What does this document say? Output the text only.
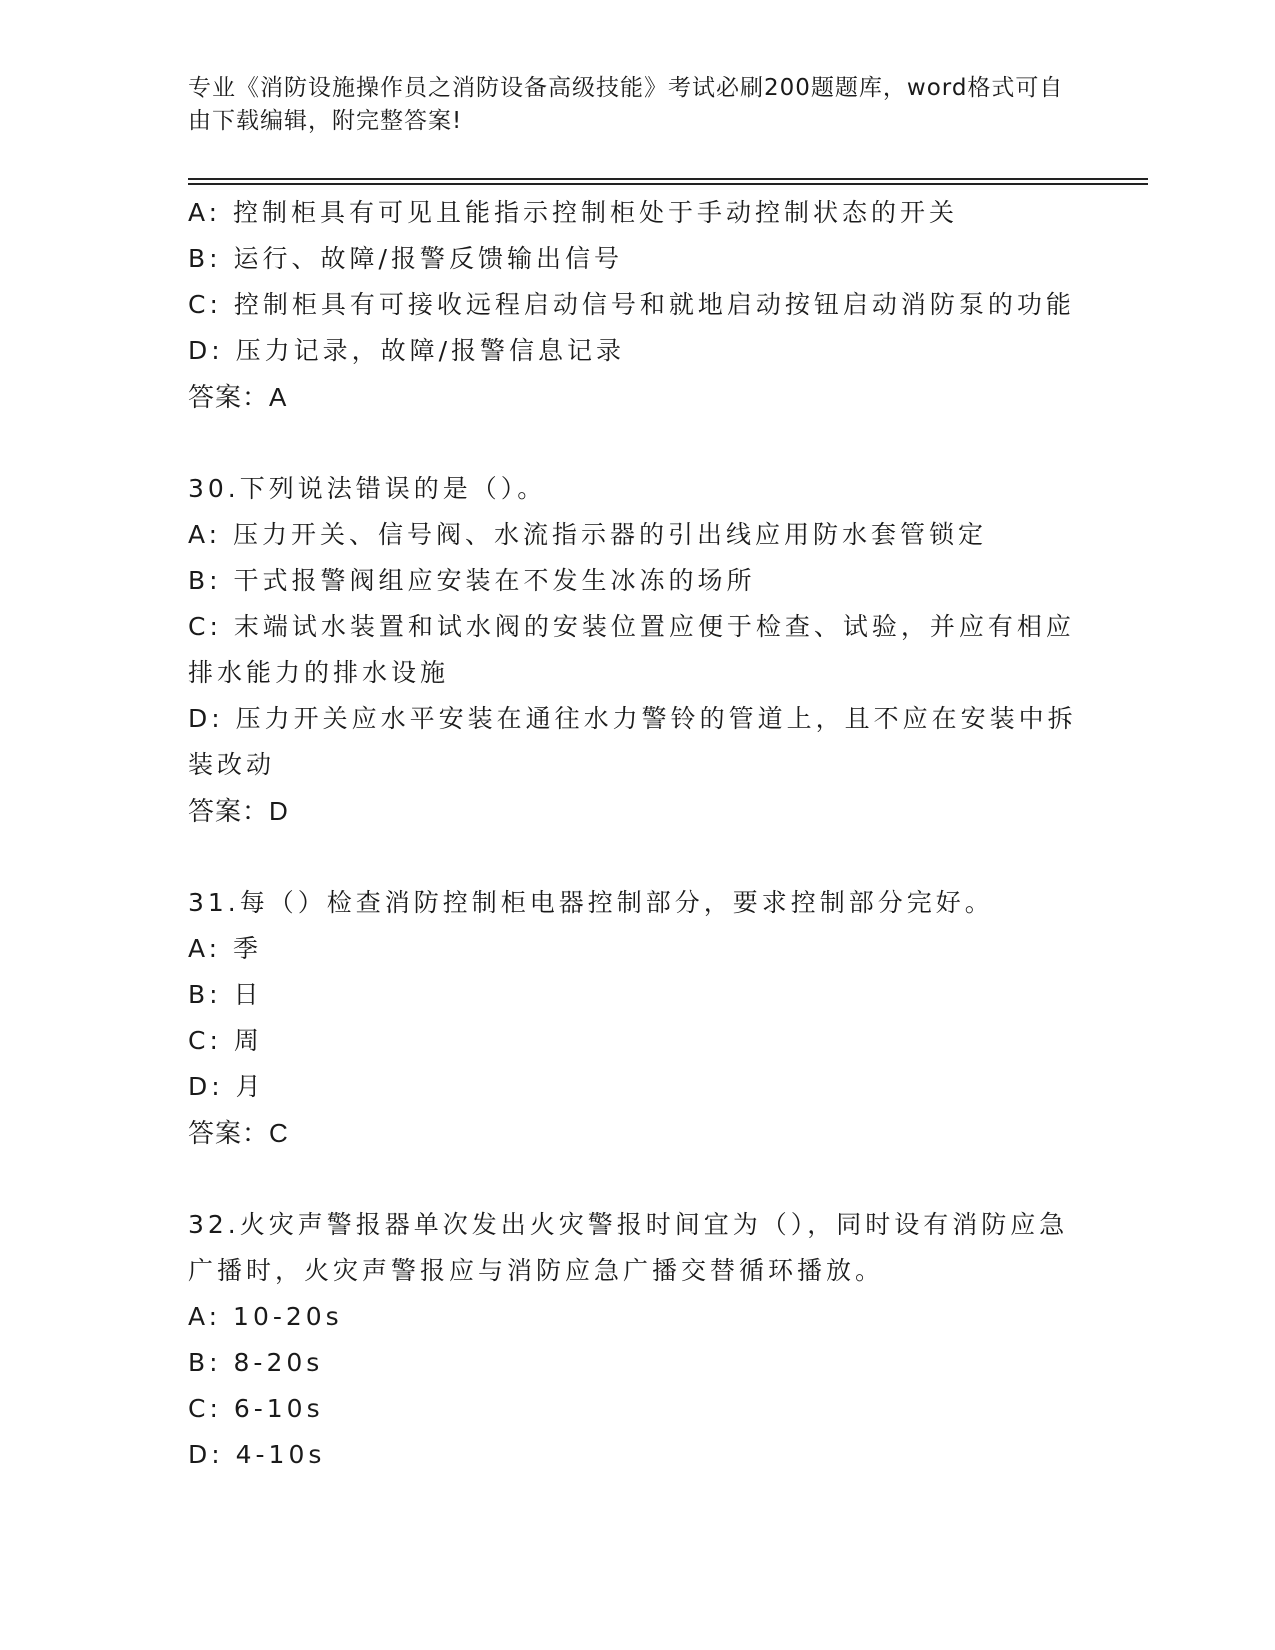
专业《消防设施操作员之消防设备高级技能》考试必刷200题题库，word格式可自由下载编辑，附完整答案!
A: 控制柜具有可见且能指示控制柜处于手动控制状态的开关
B: 运行、故障/报警反馈输出信号
C: 控制柜具有可接收远程启动信号和就地启动按钮启动消防泵的功能
D: 压力记录，故障/报警信息记录
答案：A
30.下列说法错误的是（）。
A: 压力开关、信号阀、水流指示器的引出线应用防水套管锁定
B: 干式报警阀组应安装在不发生冰冻的场所
C: 末端试水装置和试水阀的安装位置应便于检查、试验，并应有相应排水能力的排水设施
D: 压力开关应水平安装在通往水力警铃的管道上，且不应在安装中拆装改动
答案：D
31.每（）检查消防控制柜电器控制部分，要求控制部分完好。
A: 季
B: 日
C: 周
D: 月
答案：C
32.火灾声警报器单次发出火灾警报时间宜为（），同时设有消防应急广播时，火灾声警报应与消防应急广播交替循环播放。
A: 10-20s
B: 8-20s
C: 6-10s
D: 4-10s
